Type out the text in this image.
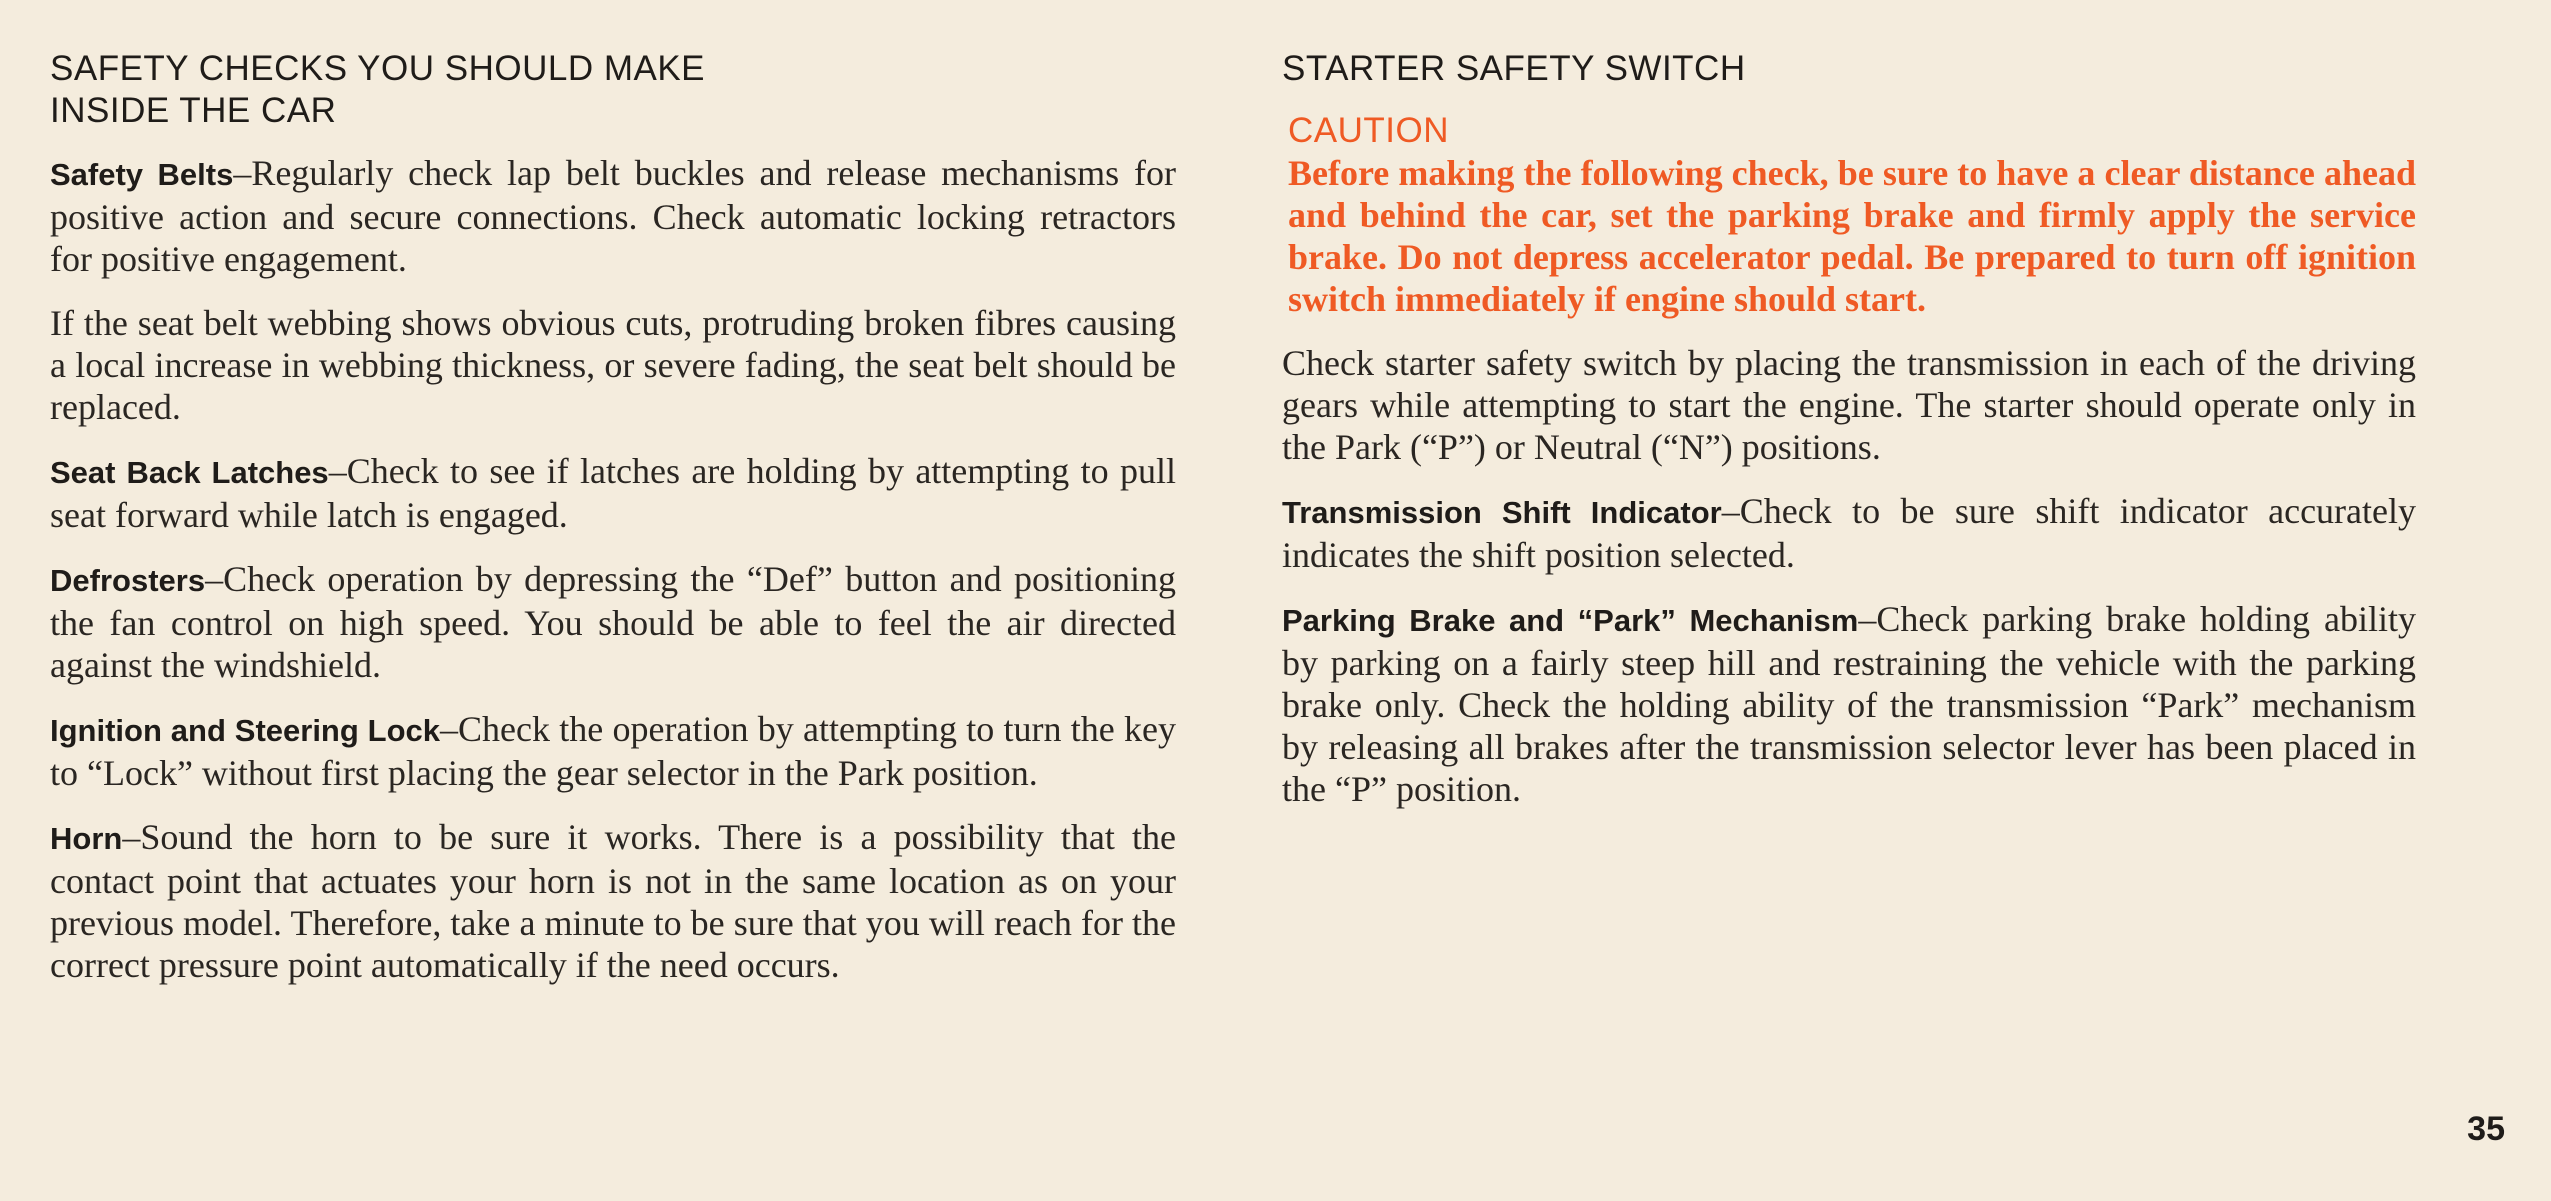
SAFETY CHECKS YOU SHOULD MAKE
INSIDE THE CAR

Safety Belts–Regularly check lap belt buckles and release mechanisms for positive action and secure connections. Check automatic locking retractors for positive engagement.

If the seat belt webbing shows obvious cuts, protruding broken fibres causing a local increase in webbing thickness, or severe fading, the seat belt should be replaced.

Seat Back Latches–Check to see if latches are holding by attempting to pull seat forward while latch is engaged.

Defrosters–Check operation by depressing the “Def” button and positioning the fan control on high speed. You should be able to feel the air directed against the windshield.

Ignition and Steering Lock–Check the operation by attempting to turn the key to “Lock” without first placing the gear selector in the Park position.

Horn–Sound the horn to be sure it works. There is a possibility that the contact point that actuates your horn is not in the same location as on your previous model. Therefore, take a minute to be sure that you will reach for the correct pressure point automatically if the need occurs.

STARTER SAFETY SWITCH
CAUTION

Before making the following check, be sure to have a clear distance ahead and behind the car, set the parking brake and firmly apply the service brake. Do not depress accelerator pedal. Be prepared to turn off ignition switch immediately if engine should start.

Check starter safety switch by placing the transmission in each of the driving gears while attempting to start the engine. The starter should operate only in the Park (“P”) or Neutral (“N”) positions.

Transmission Shift Indicator–Check to be sure shift indicator accurately indicates the shift position selected.

Parking Brake and “Park” Mechanism–Check parking brake holding ability by parking on a fairly steep hill and restraining the vehicle with the parking brake only. Check the holding ability of the transmission “Park” mechanism by releasing all brakes after the transmission selector lever has been placed in the “P” position.

35
